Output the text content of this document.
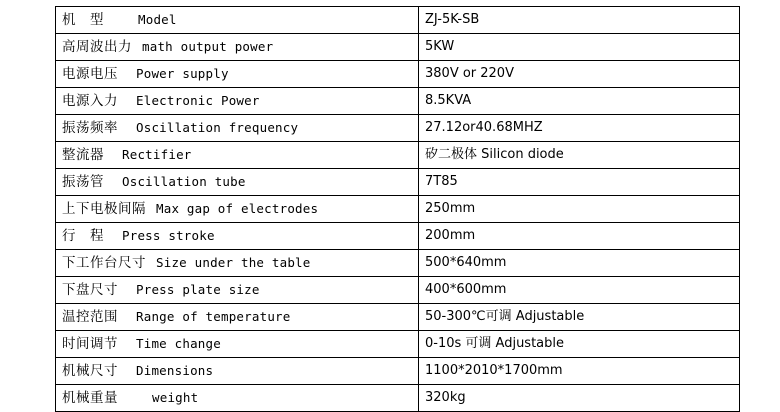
机　型 Model	ZJ-5K-SB
高周波出力 math output power	5KW
电源电压 Power supply	380V or 220V
电源入力 Electronic Power	8.5KVA
振荡频率 Oscillation frequency	27.12or40.68MHZ
整流器 Rectifier	矽二极体 Silicon diode
振荡管 Oscillation tube	7T85
上下电极间隔 Max gap of electrodes	250mm
行　程 Press stroke	200mm
下工作台尺寸 Size under the table	500*640mm
下盘尺寸 Press plate size	400*600mm
温控范围 Range of temperature	50-300℃可调 Adjustable
时间调节 Time change	0-10s 可调 Adjustable
机械尺寸 Dimensions	1100*2010*1700mm
机械重量 weight	320kg
